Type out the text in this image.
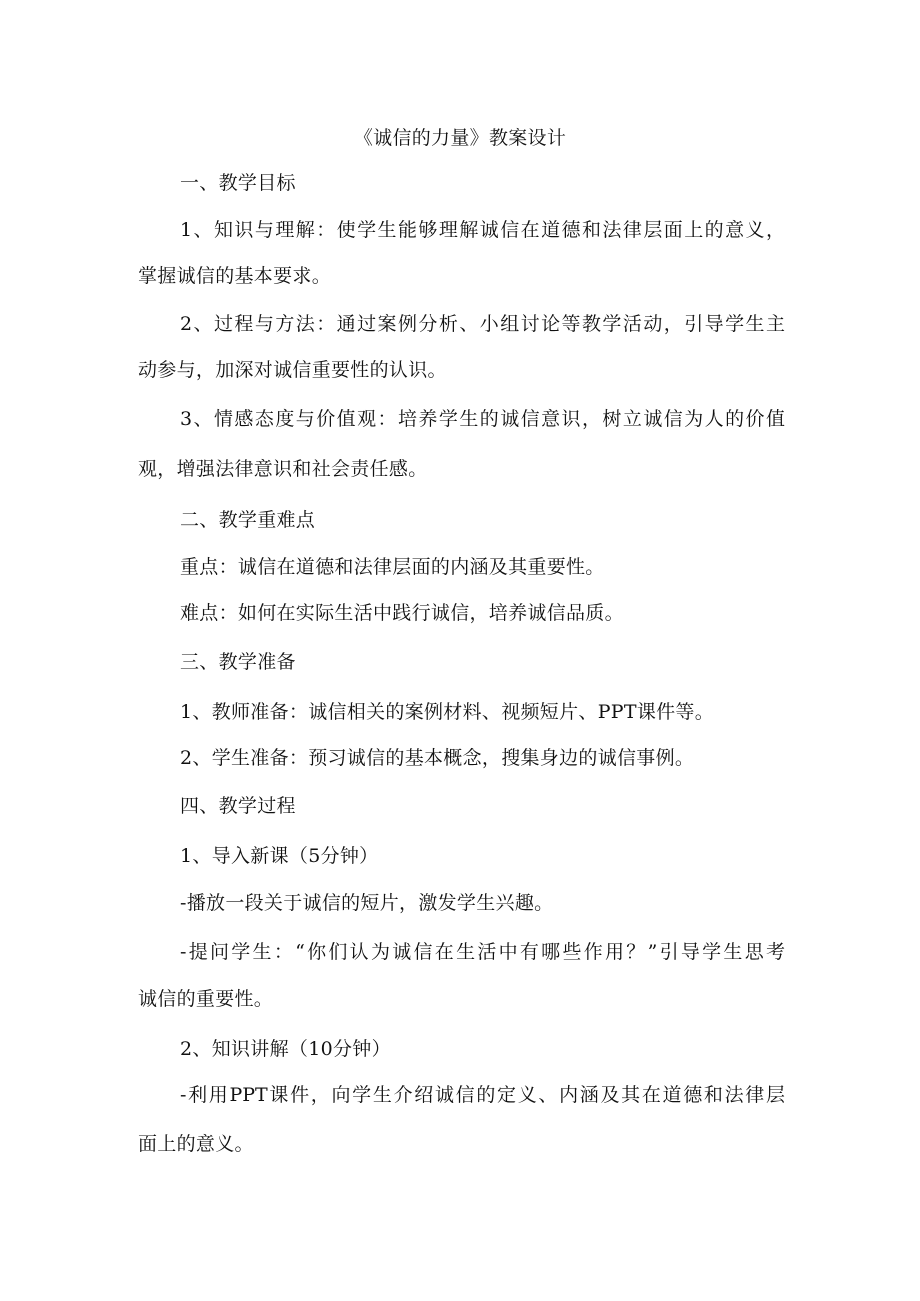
《诚信的力量》教案设计
一、教学目标
1、知识与理解：使学生能够理解诚信在道德和法律层面上的意义，
掌握诚信的基本要求。
2、过程与方法：通过案例分析、小组讨论等教学活动，引导学生主
动参与，加深对诚信重要性的认识。
3、情感态度与价值观：培养学生的诚信意识，树立诚信为人的价值
观，增强法律意识和社会责任感。
二、教学重难点
重点：诚信在道德和法律层面的内涵及其重要性。
难点：如何在实际生活中践行诚信，培养诚信品质。
三、教学准备
1、教师准备：诚信相关的案例材料、视频短片、PPT课件等。
2、学生准备：预习诚信的基本概念，搜集身边的诚信事例。
四、教学过程
1、导入新课（5分钟）
-播放一段关于诚信的短片，激发学生兴趣。
-提问学生：“你们认为诚信在生活中有哪些作用？”引导学生思考
诚信的重要性。
2、知识讲解（10分钟）
-利用PPT课件，向学生介绍诚信的定义、内涵及其在道德和法律层
面上的意义。
